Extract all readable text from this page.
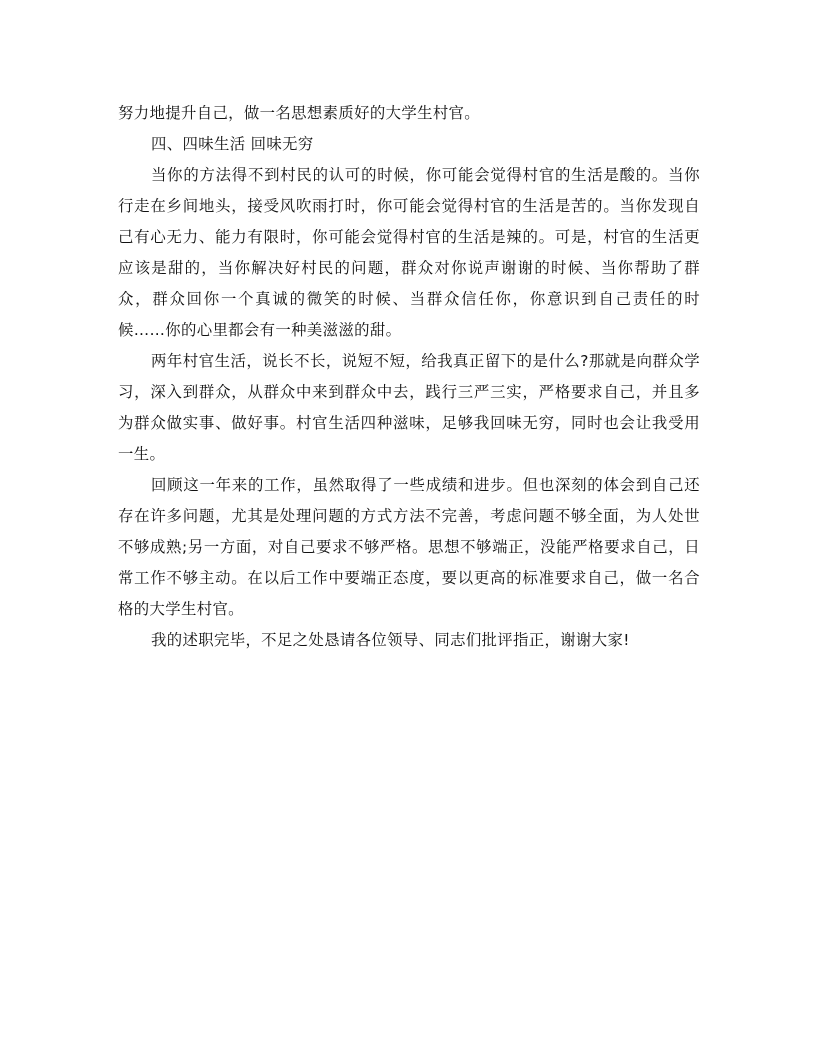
努力地提升自己，做一名思想素质好的大学生村官。

四、四味生活 回味无穷

当你的方法得不到村民的认可的时候，你可能会觉得村官的生活是酸的。当你行走在乡间地头，接受风吹雨打时，你可能会觉得村官的生活是苦的。当你发现自己有心无力、能力有限时，你可能会觉得村官的生活是辣的。可是，村官的生活更应该是甜的，当你解决好村民的问题，群众对你说声谢谢的时候、当你帮助了群众，群众回你一个真诚的微笑的时候、当群众信任你，你意识到自己责任的时候……你的心里都会有一种美滋滋的甜。

两年村官生活，说长不长，说短不短，给我真正留下的是什么?那就是向群众学习，深入到群众，从群众中来到群众中去，践行三严三实，严格要求自己，并且多为群众做实事、做好事。村官生活四种滋味，足够我回味无穷，同时也会让我受用一生。

回顾这一年来的工作，虽然取得了一些成绩和进步。但也深刻的体会到自己还存在许多问题，尤其是处理问题的方式方法不完善，考虑问题不够全面，为人处世不够成熟;另一方面，对自己要求不够严格。思想不够端正，没能严格要求自己，日常工作不够主动。在以后工作中要端正态度，要以更高的标准要求自己，做一名合格的大学生村官。

我的述职完毕，不足之处恳请各位领导、同志们批评指正，谢谢大家!
